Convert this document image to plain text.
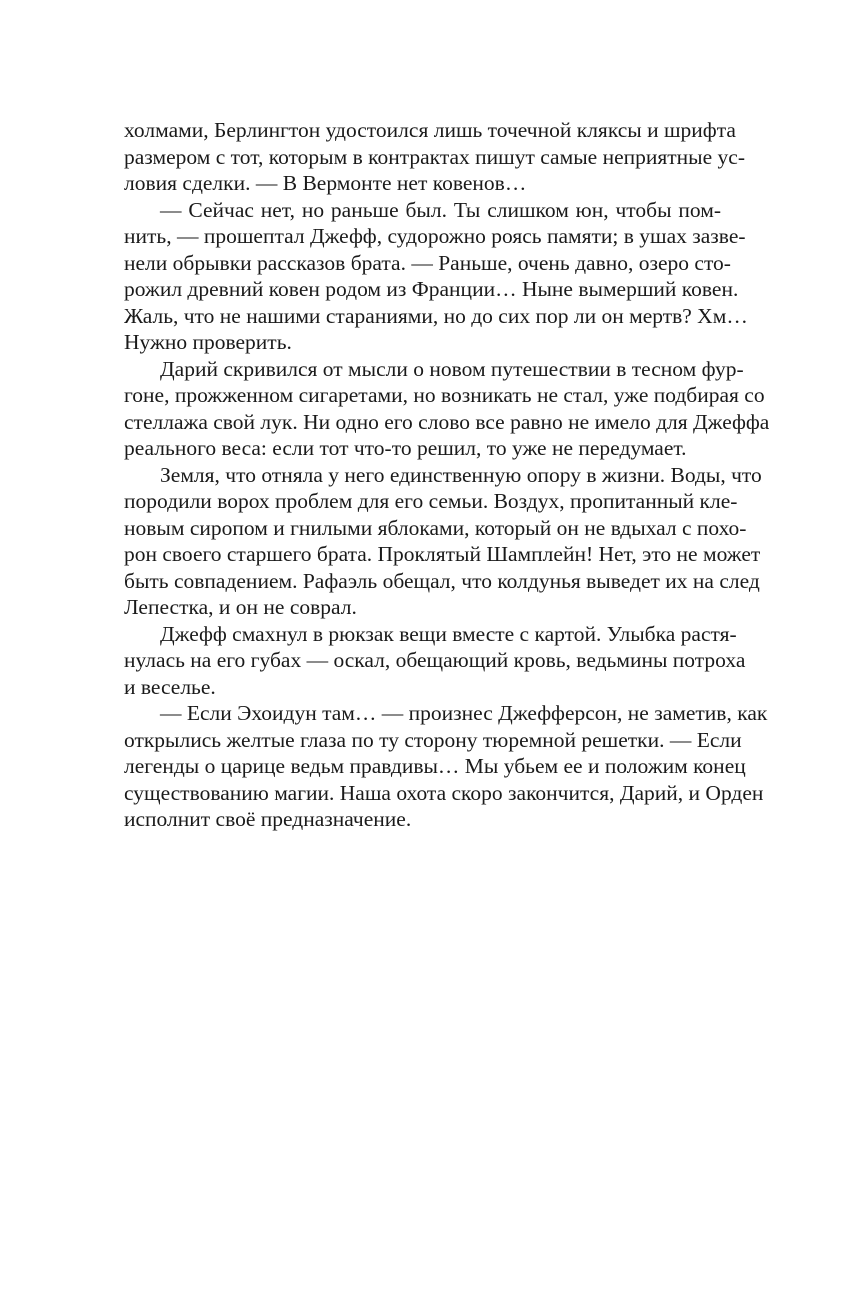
холмами, Берлингтон удостоился лишь точечной кляксы и шрифта
размером с тот, которым в контрактах пишут самые неприятные ус-
ловия сделки. — В Вермонте нет ковенов…
— Сейчас нет, но раньше был. Ты слишком юн, чтобы пом-
нить, — прошептал Джефф, судорожно роясь памяти; в ушах зазве-
нели обрывки рассказов брата. — Раньше, очень давно, озеро сто-
рожил древний ковен родом из Франции… Ныне вымерший ковен.
Жаль, что не нашими стараниями, но до сих пор ли он мертв? Хм…
Нужно проверить.
Дарий скривился от мысли о новом путешествии в тесном фур-
гоне, прожженном сигаретами, но возникать не стал, уже подбирая со
стеллажа свой лук. Ни одно его слово все равно не имело для Джеффа
реального веса: если тот что-то решил, то уже не передумает.
Земля, что отняла у него единственную опору в жизни. Воды, что
породили ворох проблем для его семьи. Воздух, пропитанный кле-
новым сиропом и гнилыми яблоками, который он не вдыхал с похо-
рон своего старшего брата. Проклятый Шамплейн! Нет, это не может
быть совпадением. Рафаэль обещал, что колдунья выведет их на след
Лепестка, и он не соврал.
Джефф смахнул в рюкзак вещи вместе с картой. Улыбка растя-
нулась на его губах — оскал, обещающий кровь, ведьмины потроха
и веселье.
— Если Эхоидун там… — произнес Джефферсон, не заметив, как
открылись желтые глаза по ту сторону тюремной решетки. — Если
легенды о царице ведьм правдивы… Мы убьем ее и положим конец
существованию магии. Наша охота скоро закончится, Дарий, и Орден
исполнит своё предназначение.
